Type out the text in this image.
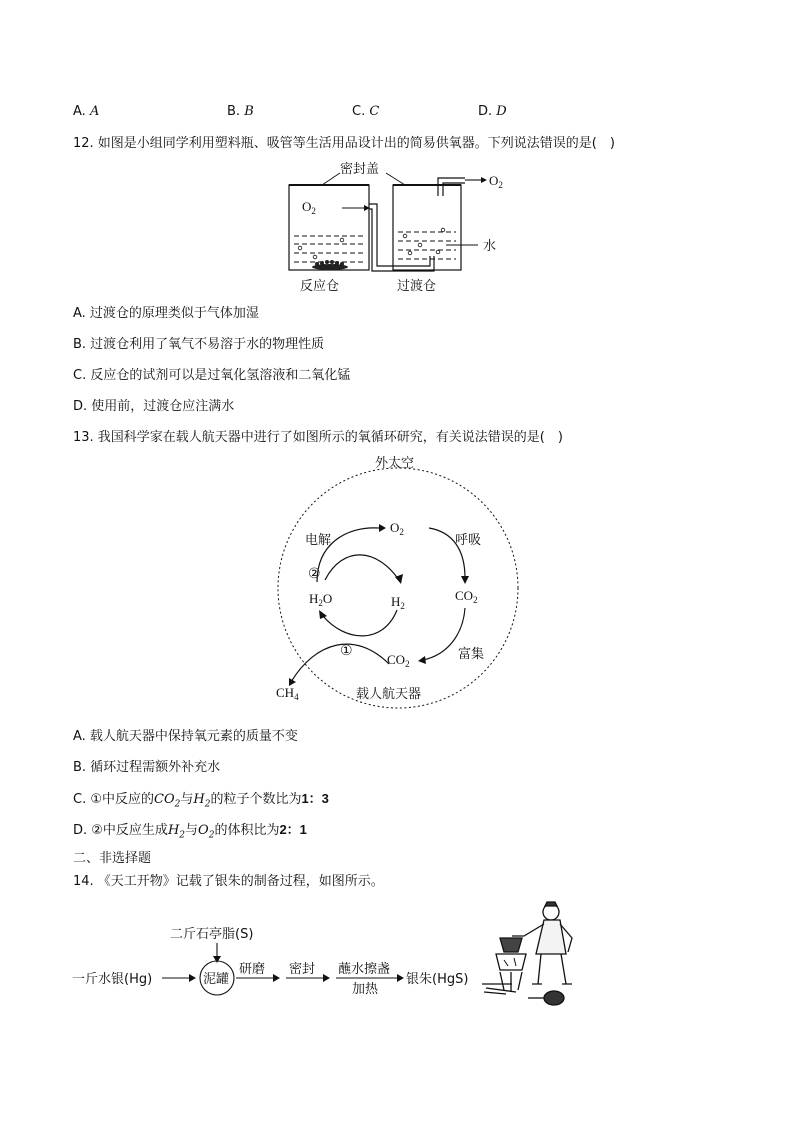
A. A	B. B	C. C	D. D
12. 如图是小组同学利用塑料瓶、吸管等生活用品设计出的简易供氧器。下列说法错误的是(　)
密封盖
$O_2$
$O_2$
水
反应仓	过渡仓
A. 过渡仓的原理类似于气体加湿
B. 过渡仓利用了氧气不易溶于水的物理性质
C. 反应仓的试剂可以是过氧化氢溶液和二氧化锰
D. 使用前，过渡仓应注满水
13. 我国科学家在载人航天器中进行了如图所示的氧循环研究，有关说法错误的是(　)
外太空
电解	呼吸
富集
载人航天器
$O_2$
$CO_2$
$H_2O$	$H_2$
$CO_2$
$CH_4$
①
②
A. 载人航天器中保持氧元素的质量不变
B. 循环过程需额外补充水
C. ①中反应的$CO_2$与$H_2$的粒子个数比为1：3
D. ②中反应生成$H_2$与$O_2$的体积比为2：1
二、非选择题
14. 《天工开物》记载了银朱的制备过程，如图所示。
二斤石亭脂(S)
一斤水银(Hg)	泥罐
研磨 密封 蘸水擦盏
加热
银朱(HgS)
